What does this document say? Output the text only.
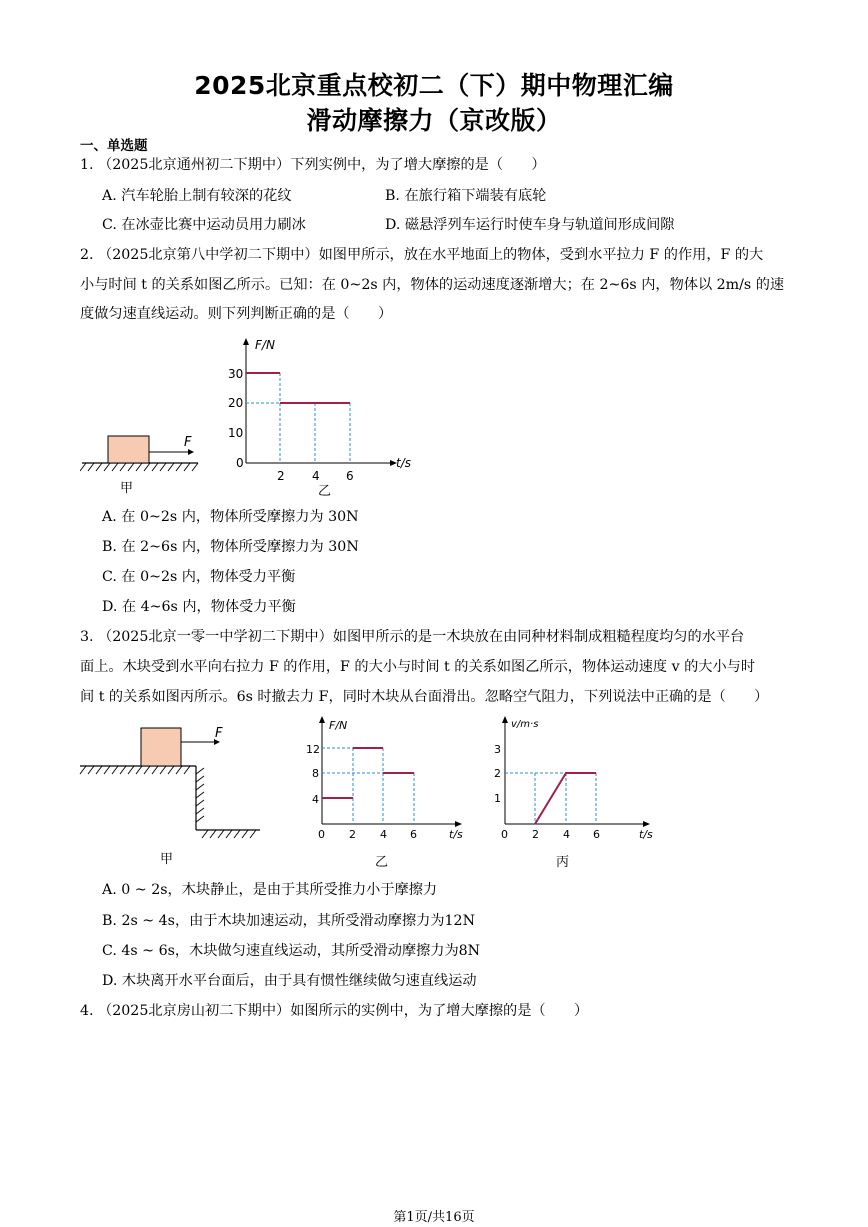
2025北京重点校初二（下）期中物理汇编
滑动摩擦力（京改版）
一、单选题
1. （2025北京通州初二下期中）下列实例中，为了增大摩擦的是（　　）
A. 汽车轮胎上制有较深的花纹	B. 在旅行箱下端装有底轮
C. 在冰壶比赛中运动员用力刷冰	D. 磁悬浮列车运行时使车身与轨道间形成间隙
2. （2025北京第八中学初二下期中）如图甲所示，放在水平地面上的物体，受到水平拉力 F 的作用，F 的大
小与时间 t 的关系如图乙所示。已知：在 0~2s 内，物体的运动速度逐渐增大；在 2~6s 内，物体以 2m/s 的速
度做匀速直线运动。则下列判断正确的是（　　）
F
甲
F/N
t/s
30
20
10
0
2 4 6
乙
A. 在 0~2s 内，物体所受摩擦力为 30N
B. 在 2~6s 内，物体所受摩擦力为 30N
C. 在 0~2s 内，物体受力平衡
D. 在 4~6s 内，物体受力平衡
3. （2025北京一零一中学初二下期中）如图甲所示的是一木块放在由同种材料制成粗糙程度均匀的水平台
面上。木块受到水平向右拉力 F 的作用，F 的大小与时间 t 的关系如图乙所示，物体运动速度 v 的大小与时
间 t 的关系如图丙所示。6s 时撤去力 F，同时木块从台面滑出。忽略空气阻力，下列说法中正确的是（　　）
F
甲
F/N
t/s
12
8
4
0 2 4 6
乙
v/m·s
t/s
3
2
1
0 2 4 6
丙
A. 0 ~ 2s，木块静止，是由于其所受推力小于摩擦力
B. 2s ~ 4s，由于木块加速运动，其所受滑动摩擦力为12N
C. 4s ~ 6s，木块做匀速直线运动，其所受滑动摩擦力为8N
D. 木块离开水平台面后，由于具有惯性继续做匀速直线运动
4. （2025北京房山初二下期中）如图所示的实例中，为了增大摩擦的是（　　）
第1页/共16页
